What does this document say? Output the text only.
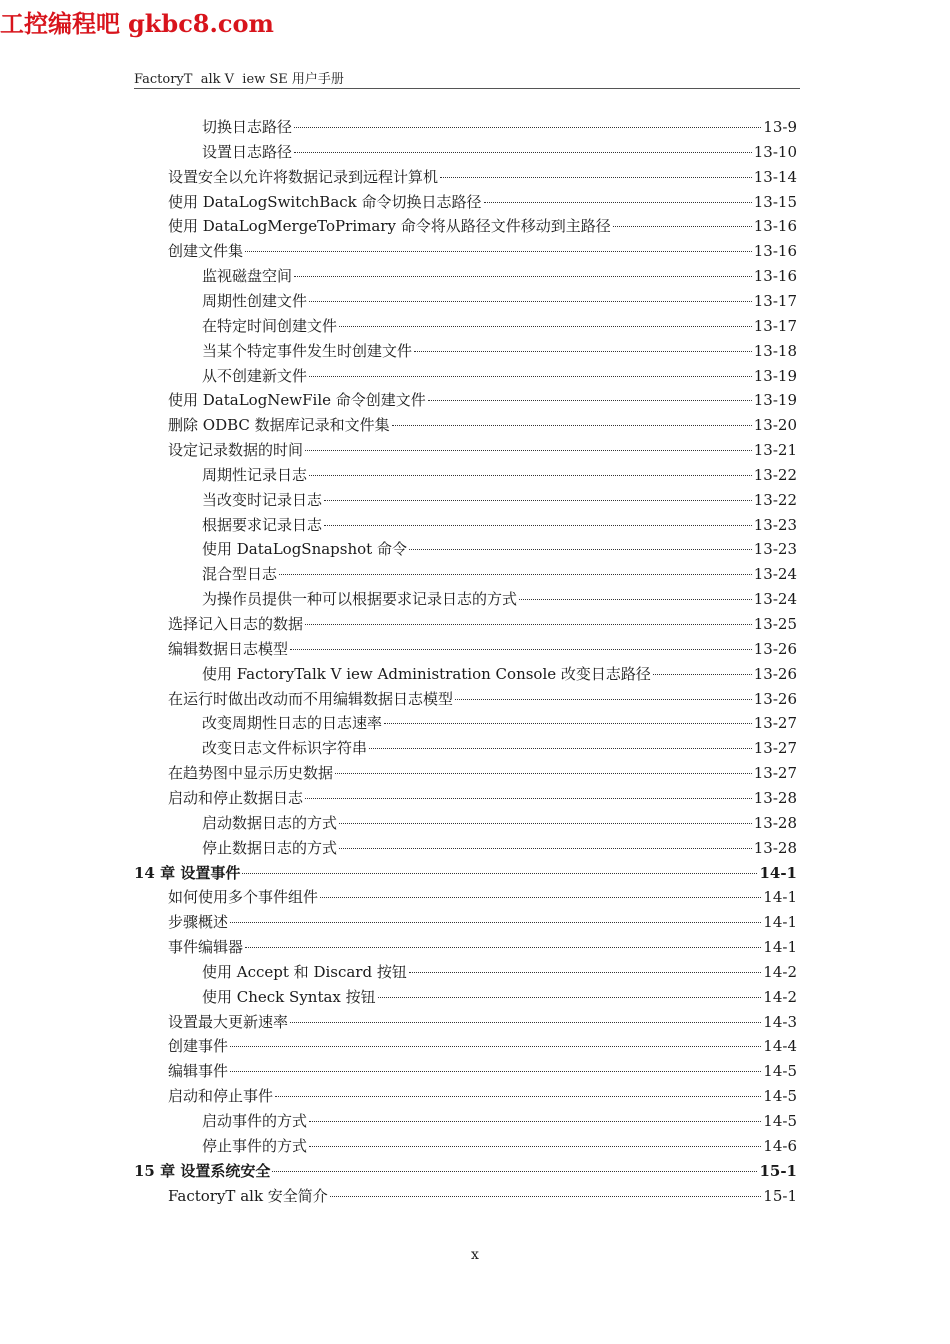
工控编程吧 gkbc8.com
FactoryT  alk V  iew SE 用户手册
切换日志路径	13-9
设置日志路径	13-10
设置安全以允许将数据记录到远程计算机	13-14
使用 DataLogSwitchBack 命令切换日志路径	13-15
使用 DataLogMergeToPrimary 命令将从路径文件移动到主路径	13-16
创建文件集	13-16
监视磁盘空间	13-16
周期性创建文件	13-17
在特定时间创建文件	13-17
当某个特定事件发生时创建文件	13-18
从不创建新文件	13-19
使用 DataLogNewFile 命令创建文件	13-19
删除 ODBC 数据库记录和文件集	13-20
设定记录数据的时间	13-21
周期性记录日志	13-22
当改变时记录日志	13-22
根据要求记录日志	13-23
使用 DataLogSnapshot 命令	13-23
混合型日志	13-24
为操作员提供一种可以根据要求记录日志的方式	13-24
选择记入日志的数据	13-25
编辑数据日志模型	13-26
使用 FactoryTalk V iew Administration Console 改变日志路径	13-26
在运行时做出改动而不用编辑数据日志模型	13-26
改变周期性日志的日志速率	13-27
改变日志文件标识字符串	13-27
在趋势图中显示历史数据	13-27
启动和停止数据日志	13-28
启动数据日志的方式	13-28
停止数据日志的方式	13-28
14 章 设置事件	14-1
如何使用多个事件组件	14-1
步骤概述	14-1
事件编辑器	14-1
使用 Accept 和 Discard 按钮	14-2
使用 Check Syntax 按钮	14-2
设置最大更新速率	14-3
创建事件	14-4
编辑事件	14-5
启动和停止事件	14-5
启动事件的方式	14-5
停止事件的方式	14-6
15 章 设置系统安全	15-1
FactoryT alk 安全简介	15-1
x
